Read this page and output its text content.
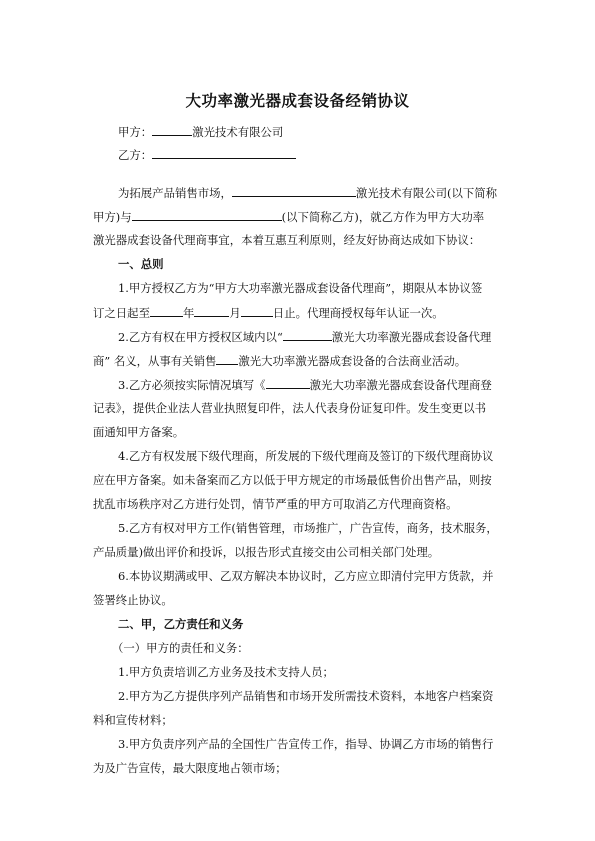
大功率激光器成套设备经销协议
甲方：	激光技术有限公司
乙方：
为拓展产品销售市场，	激光技术有限公司(以下简称
甲方)与	(以下简称乙方)，就乙方作为甲方大功率
激光器成套设备代理商事宜，本着互惠互利原则，经友好协商达成如下协议：
一、总则
1.甲方授权乙方为“甲方大功率激光器成套设备代理商”，期限从本协议签
订之日起至	年	月	日止。代理商授权每年认证一次。
2.乙方有权在甲方授权区域内以“	激光大功率激光器成套设备代理
商” 名义，从事有关销售 激光大功率激光器成套设备的合法商业活动。
3.乙方必须按实际情况填写《	激光大功率激光器成套设备代理商登
记表》，提供企业法人营业执照复印件，法人代表身份证复印件。发生变更以书
面通知甲方备案。
4.乙方有权发展下级代理商，所发展的下级代理商及签订的下级代理商协议
应在甲方备案。如未备案而乙方以低于甲方规定的市场最低售价出售产品，则按
扰乱市场秩序对乙方进行处罚，情节严重的甲方可取消乙方代理商资格。
5.乙方有权对甲方工作(销售管理，市场推广，广告宣传，商务，技术服务，
产品质量)做出评价和投诉，以报告形式直接交由公司相关部门处理。
6.本协议期满或甲、乙双方解决本协议时，乙方应立即清付完甲方货款，并
签署终止协议。
二、甲，乙方责任和义务
（一）甲方的责任和义务：
1.甲方负责培训乙方业务及技术支持人员；
2.甲方为乙方提供序列产品销售和市场开发所需技术资料，本地客户档案资
料和宣传材料；
3.甲方负责序列产品的全国性广告宣传工作，指导、协调乙方市场的销售行
为及广告宣传，最大限度地占领市场；
